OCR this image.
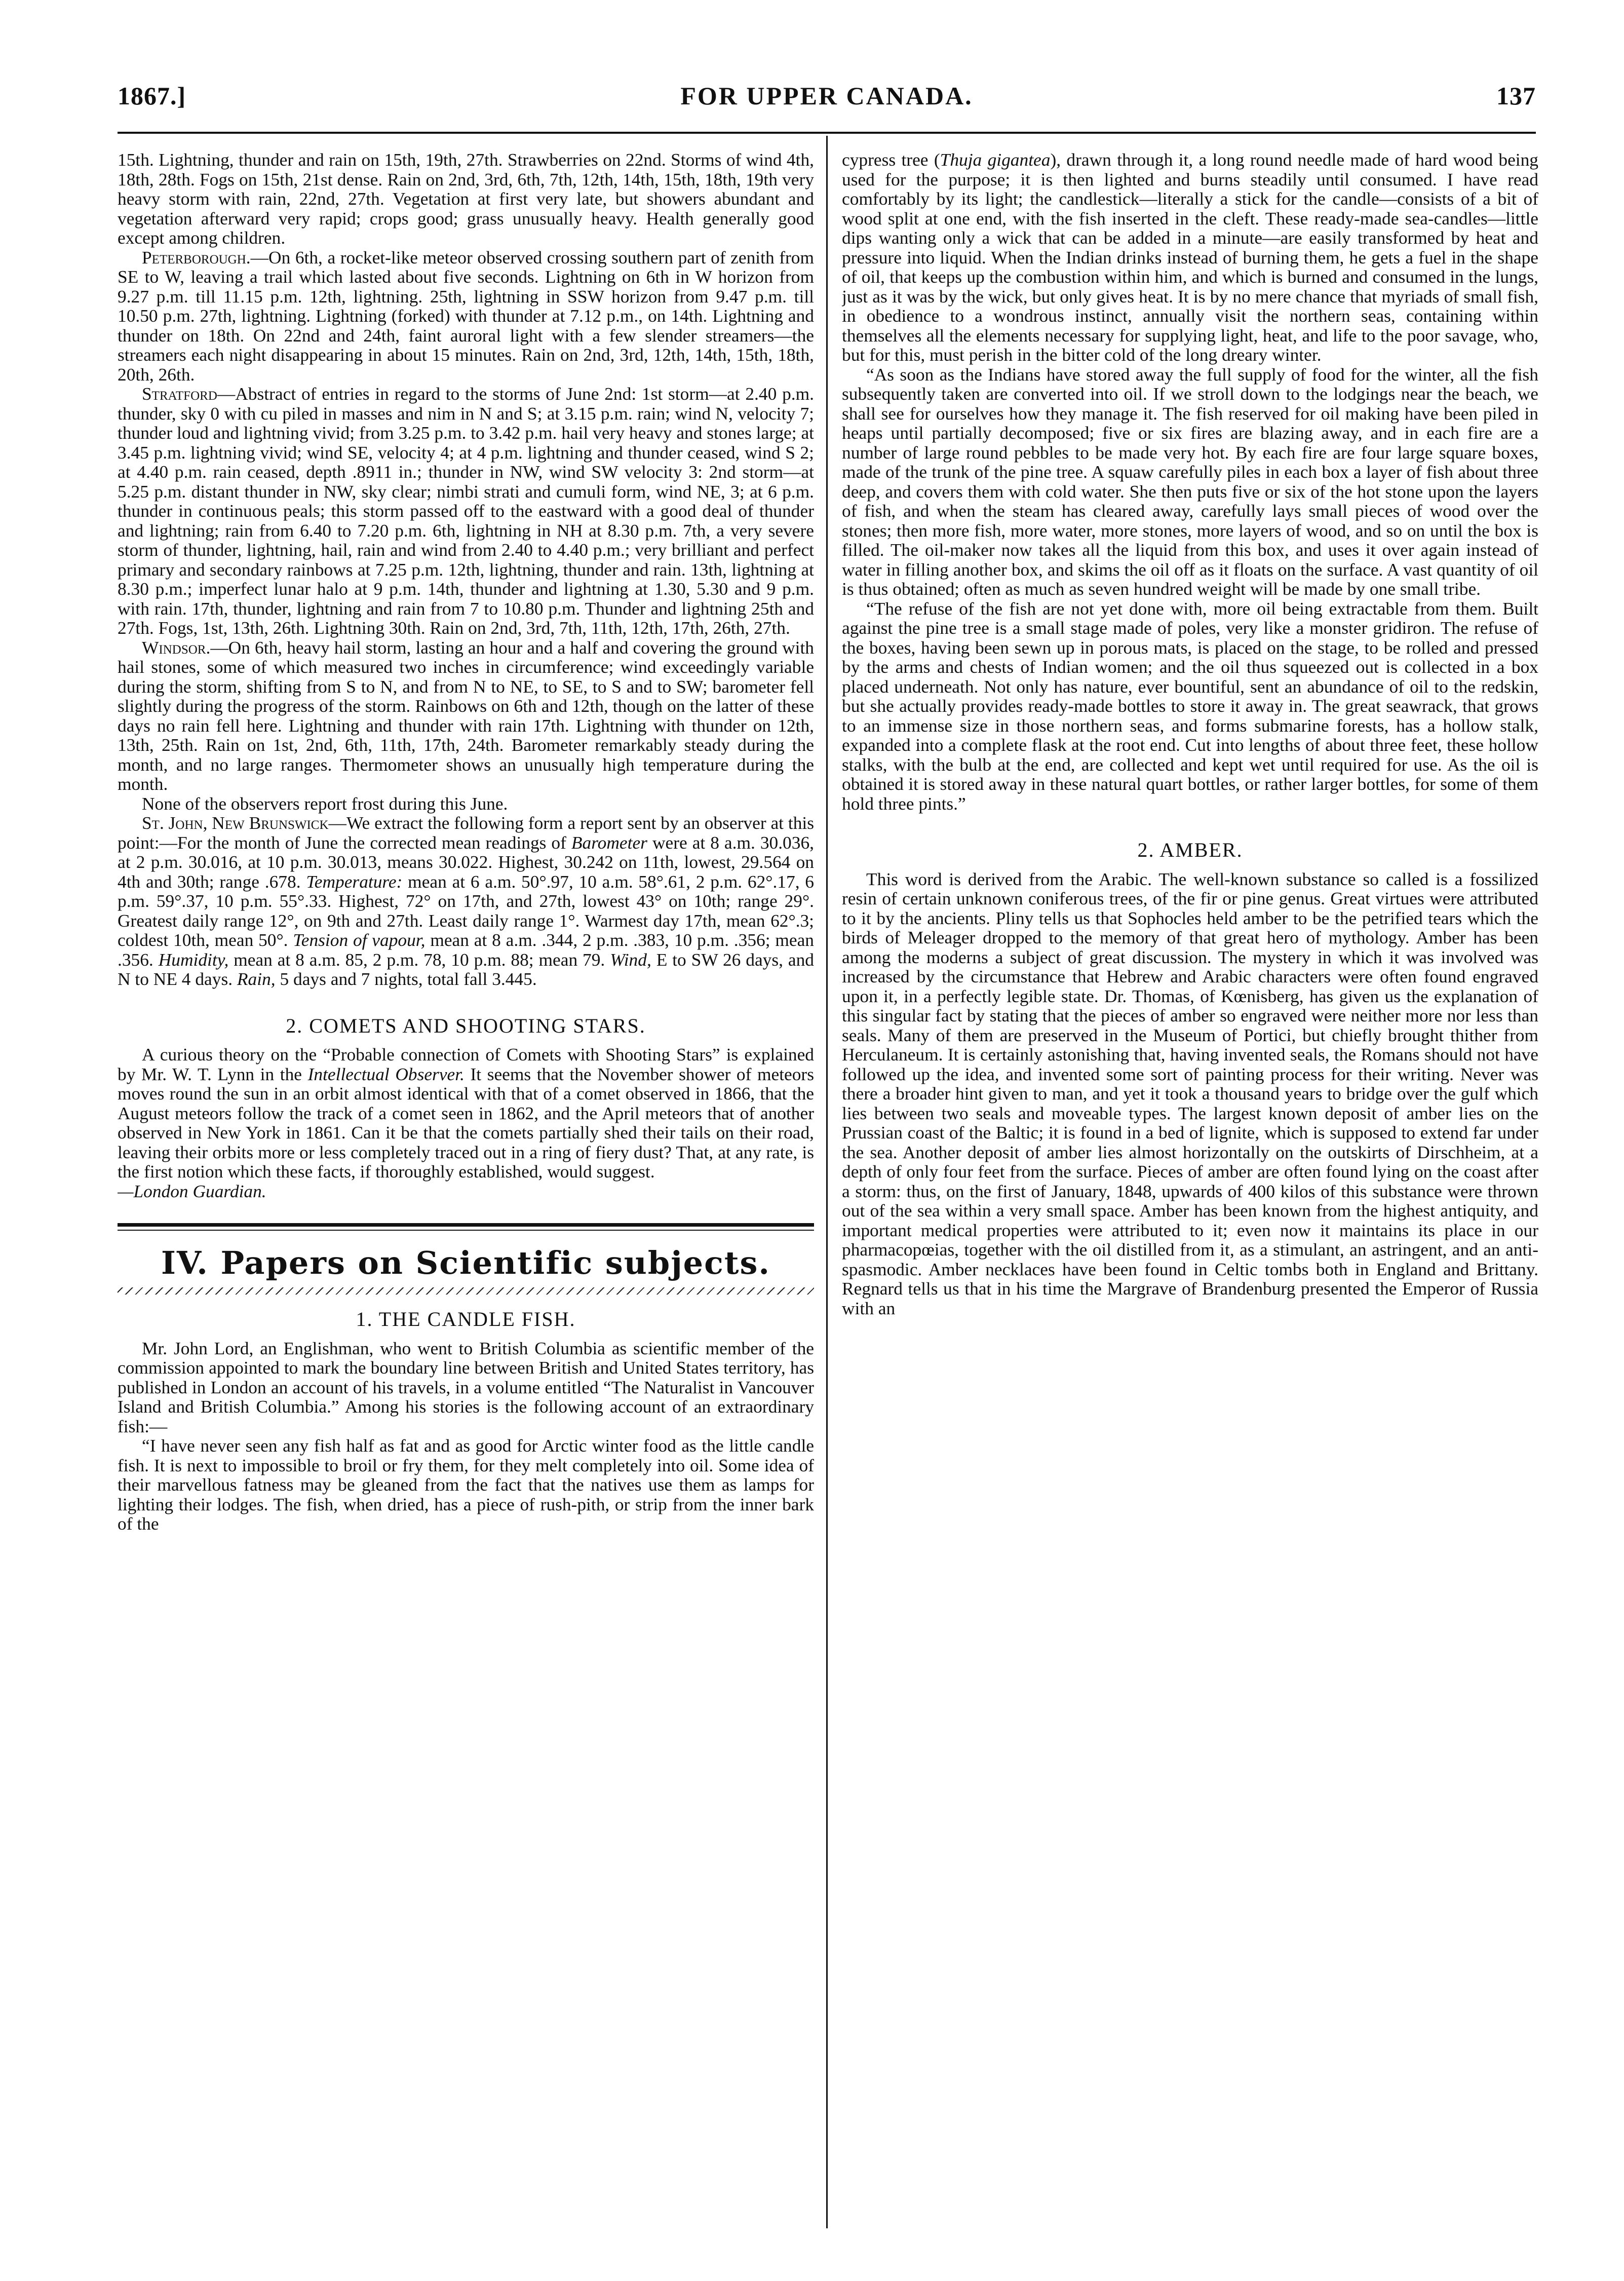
1867.]	FOR UPPER CANADA.	137

15th. Lightning, thunder and rain on 15th, 19th, 27th. Strawberries on 22nd. Storms of wind 4th, 18th, 28th. Fogs on 15th, 21st dense. Rain on 2nd, 3rd, 6th, 7th, 12th, 14th, 15th, 18th, 19th very heavy storm with rain, 22nd, 27th. Vegetation at first very late, but showers abundant and vegetation afterward very rapid; crops good; grass unusually heavy. Health generally good except among children.

Peterborough.—On 6th, a rocket-like meteor observed crossing southern part of zenith from SE to W, leaving a trail which lasted about five seconds. Lightning on 6th in W horizon from 9.27 p.m. till 11.15 p.m. 12th, lightning. 25th, lightning in SSW horizon from 9.47 p.m. till 10.50 p.m. 27th, lightning. Lightning (forked) with thunder at 7.12 p.m., on 14th. Lightning and thunder on 18th. On 22nd and 24th, faint auroral light with a few slender streamers—the streamers each night disappearing in about 15 minutes. Rain on 2nd, 3rd, 12th, 14th, 15th, 18th, 20th, 26th.

Stratford—Abstract of entries in regard to the storms of June 2nd: 1st storm—at 2.40 p.m. thunder, sky 0 with cu piled in masses and nim in N and S; at 3.15 p.m. rain; wind N, velocity 7; thunder loud and lightning vivid; from 3.25 p.m. to 3.42 p.m. hail very heavy and stones large; at 3.45 p.m. lightning vivid; wind SE, velocity 4; at 4 p.m. lightning and thunder ceased, wind S 2; at 4.40 p.m. rain ceased, depth .8911 in.; thunder in NW, wind SW velocity 3: 2nd storm—at 5.25 p.m. distant thunder in NW, sky clear; nimbi strati and cumuli form, wind NE, 3; at 6 p.m. thunder in continuous peals; this storm passed off to the eastward with a good deal of thunder and lightning; rain from 6.40 to 7.20 p.m. 6th, lightning in NH at 8.30 p.m. 7th, a very severe storm of thunder, lightning, hail, rain and wind from 2.40 to 4.40 p.m.; very brilliant and perfect primary and secondary rainbows at 7.25 p.m. 12th, lightning, thunder and rain. 13th, lightning at 8.30 p.m.; imperfect lunar halo at 9 p.m. 14th, thunder and lightning at 1.30, 5.30 and 9 p.m. with rain. 17th, thunder, lightning and rain from 7 to 10.80 p.m. Thunder and lightning 25th and 27th. Fogs, 1st, 13th, 26th. Lightning 30th. Rain on 2nd, 3rd, 7th, 11th, 12th, 17th, 26th, 27th.

Windsor.—On 6th, heavy hail storm, lasting an hour and a half and covering the ground with hail stones, some of which measured two inches in circumference; wind exceedingly variable during the storm, shifting from S to N, and from N to NE, to SE, to S and to SW; barometer fell slightly during the progress of the storm. Rainbows on 6th and 12th, though on the latter of these days no rain fell here. Lightning and thunder with rain 17th. Lightning with thunder on 12th, 13th, 25th. Rain on 1st, 2nd, 6th, 11th, 17th, 24th. Barometer remarkably steady during the month, and no large ranges. Thermometer shows an unusually high temperature during the month.

None of the observers report frost during this June.

St. John, New Brunswick—We extract the following form a report sent by an observer at this point:—For the month of June the corrected mean readings of Barometer were at 8 a.m. 30.036, at 2 p.m. 30.016, at 10 p.m. 30.013, means 30.022. Highest, 30.242 on 11th, lowest, 29.564 on 4th and 30th; range .678. Temperature: mean at 6 a.m. 50°.97, 10 a.m. 58°.61, 2 p.m. 62°.17, 6 p.m. 59°.37, 10 p.m. 55°.33. Highest, 72° on 17th, and 27th, lowest 43° on 10th; range 29°. Greatest daily range 12°, on 9th and 27th. Least daily range 1°. Warmest day 17th, mean 62°.3; coldest 10th, mean 50°. Tension of vapour, mean at 8 a.m. .344, 2 p.m. .383, 10 p.m. .356; mean .356. Humidity, mean at 8 a.m. 85, 2 p.m. 78, 10 p.m. 88; mean 79. Wind, E to SW 26 days, and N to NE 4 days. Rain, 5 days and 7 nights, total fall 3.445.

2. COMETS AND SHOOTING STARS.

A curious theory on the “Probable connection of Comets with Shooting Stars” is explained by Mr. W. T. Lynn in the Intellectual Observer. It seems that the November shower of meteors moves round the sun in an orbit almost identical with that of a comet observed in 1866, that the August meteors follow the track of a comet seen in 1862, and the April meteors that of another observed in New York in 1861. Can it be that the comets partially shed their tails on their road, leaving their orbits more or less completely traced out in a ring of fiery dust? That, at any rate, is the first notion which these facts, if thoroughly established, would suggest.
—London Guardian.

IV. Papers on Scientific subjects.
1. THE CANDLE FISH.

Mr. John Lord, an Englishman, who went to British Columbia as scientific member of the commission appointed to mark the boundary line between British and United States territory, has published in London an account of his travels, in a volume entitled “The Naturalist in Vancouver Island and British Columbia.” Among his stories is the following account of an extraordinary fish:—

“I have never seen any fish half as fat and as good for Arctic winter food as the little candle fish. It is next to impossible to broil or fry them, for they melt completely into oil. Some idea of their marvellous fatness may be gleaned from the fact that the natives use them as lamps for lighting their lodges. The fish, when dried, has a piece of rush-pith, or strip from the inner bark of the

cypress tree (Thuja gigantea), drawn through it, a long round needle made of hard wood being used for the purpose; it is then lighted and burns steadily until consumed. I have read comfortably by its light; the candlestick—literally a stick for the candle—consists of a bit of wood split at one end, with the fish inserted in the cleft. These ready-made sea-candles—little dips wanting only a wick that can be added in a minute—are easily transformed by heat and pressure into liquid. When the Indian drinks instead of burning them, he gets a fuel in the shape of oil, that keeps up the combustion within him, and which is burned and consumed in the lungs, just as it was by the wick, but only gives heat. It is by no mere chance that myriads of small fish, in obedience to a wondrous instinct, annually visit the northern seas, containing within themselves all the elements necessary for supplying light, heat, and life to the poor savage, who, but for this, must perish in the bitter cold of the long dreary winter.

“As soon as the Indians have stored away the full supply of food for the winter, all the fish subsequently taken are converted into oil. If we stroll down to the lodgings near the beach, we shall see for ourselves how they manage it. The fish reserved for oil making have been piled in heaps until partially decomposed; five or six fires are blazing away, and in each fire are a number of large round pebbles to be made very hot. By each fire are four large square boxes, made of the trunk of the pine tree. A squaw carefully piles in each box a layer of fish about three deep, and covers them with cold water. She then puts five or six of the hot stone upon the layers of fish, and when the steam has cleared away, carefully lays small pieces of wood over the stones; then more fish, more water, more stones, more layers of wood, and so on until the box is filled. The oil-maker now takes all the liquid from this box, and uses it over again instead of water in filling another box, and skims the oil off as it floats on the surface. A vast quantity of oil is thus obtained; often as much as seven hundred weight will be made by one small tribe.

“The refuse of the fish are not yet done with, more oil being extractable from them. Built against the pine tree is a small stage made of poles, very like a monster gridiron. The refuse of the boxes, having been sewn up in porous mats, is placed on the stage, to be rolled and pressed by the arms and chests of Indian women; and the oil thus squeezed out is collected in a box placed underneath. Not only has nature, ever bountiful, sent an abundance of oil to the redskin, but she actually provides ready-made bottles to store it away in. The great seawrack, that grows to an immense size in those northern seas, and forms submarine forests, has a hollow stalk, expanded into a complete flask at the root end. Cut into lengths of about three feet, these hollow stalks, with the bulb at the end, are collected and kept wet until required for use. As the oil is obtained it is stored away in these natural quart bottles, or rather larger bottles, for some of them hold three pints.”

2. AMBER.

This word is derived from the Arabic. The well-known substance so called is a fossilized resin of certain unknown coniferous trees, of the fir or pine genus. Great virtues were attributed to it by the ancients. Pliny tells us that Sophocles held amber to be the petrified tears which the birds of Meleager dropped to the memory of that great hero of mythology. Amber has been among the moderns a subject of great discussion. The mystery in which it was involved was increased by the circumstance that Hebrew and Arabic characters were often found engraved upon it, in a perfectly legible state. Dr. Thomas, of Kœnisberg, has given us the explanation of this singular fact by stating that the pieces of amber so engraved were neither more nor less than seals. Many of them are preserved in the Museum of Portici, but chiefly brought thither from Herculaneum. It is certainly astonishing that, having invented seals, the Romans should not have followed up the idea, and invented some sort of painting process for their writing. Never was there a broader hint given to man, and yet it took a thousand years to bridge over the gulf which lies between two seals and moveable types. The largest known deposit of amber lies on the Prussian coast of the Baltic; it is found in a bed of lignite, which is supposed to extend far under the sea. Another deposit of amber lies almost horizontally on the outskirts of Dirschheim, at a depth of only four feet from the surface. Pieces of amber are often found lying on the coast after a storm: thus, on the first of January, 1848, upwards of 400 kilos of this substance were thrown out of the sea within a very small space. Amber has been known from the highest antiquity, and important medical properties were attributed to it; even now it maintains its place in our pharmacopœias, together with the oil distilled from it, as a stimulant, an astringent, and an anti-spasmodic. Amber necklaces have been found in Celtic tombs both in England and Brittany. Regnard tells us that in his time the Margrave of Brandenburg presented the Emperor of Russia with an
